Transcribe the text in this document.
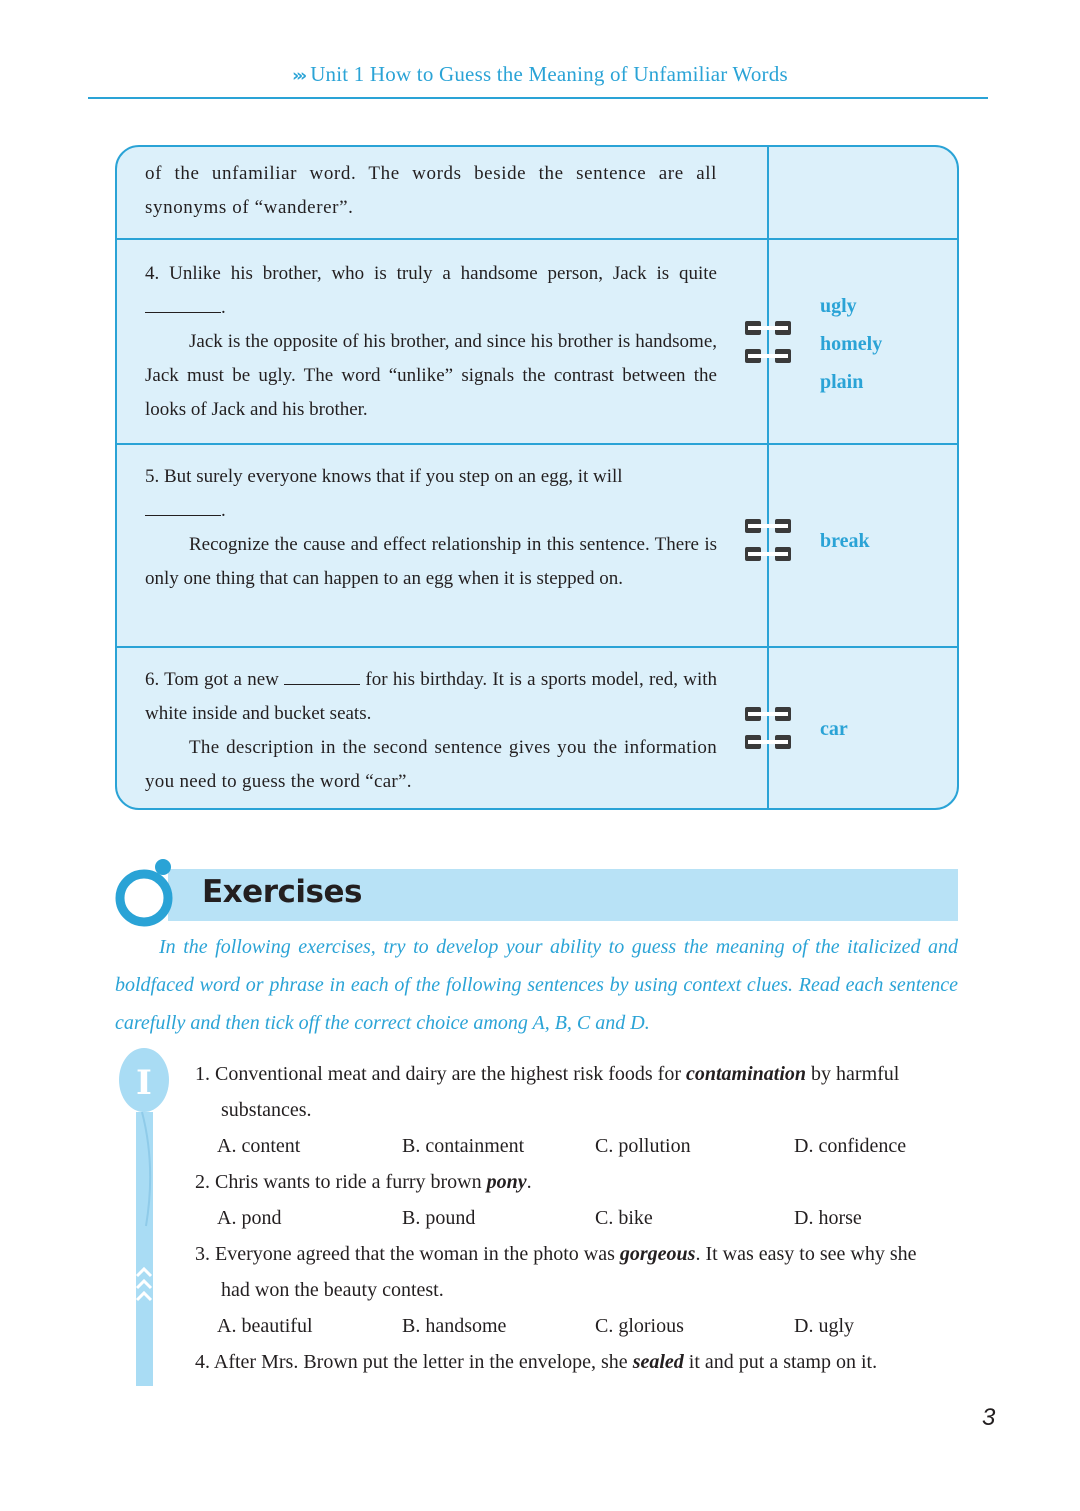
››› Unit 1 How to Guess the Meaning of Unfamiliar Words

of the unfamiliar word. The words beside the sentence are all synonyms of “wanderer”.

4. Unlike his brother, who is truly a handsome person, Jack is quite .

Jack is the opposite of his brother, and since his brother is handsome, Jack must be ugly. The word “unlike” signals the contrast between the looks of Jack and his brother.

ugly
homely
plain

5. But surely everyone knows that if you step on an egg, it will
.

Recognize the cause and effect relationship in this sentence. There is only one thing that can happen to an egg when it is stepped on.

break

6. Tom got a new	for his birthday. It is a sports model, red, with white inside and bucket seats.

The description in the second sentence gives you the information you need to guess the word “car”.

car
Exercises

In the following exercises, try to develop your ability to guess the meaning of the italicized and boldfaced word or phrase in each of the following sentences by using context clues. Read each sentence carefully and then tick off the correct choice among A, B, C and D.

I 1. Conventional meat and dairy are the highest risk foods for contamination by harmful
substances.

A. content	B. containment	C. pollution	D. confidence

2. Chris wants to ride a furry brown pony.

A. pond	B. pound	C. bike	D. horse

3. Everyone agreed that the woman in the photo was gorgeous. It was easy to see why she
had won the beauty contest.

A. beautiful	B. handsome	C. glorious	D. ugly

4. After Mrs. Brown put the letter in the envelope, she sealed it and put a stamp on it.

3
